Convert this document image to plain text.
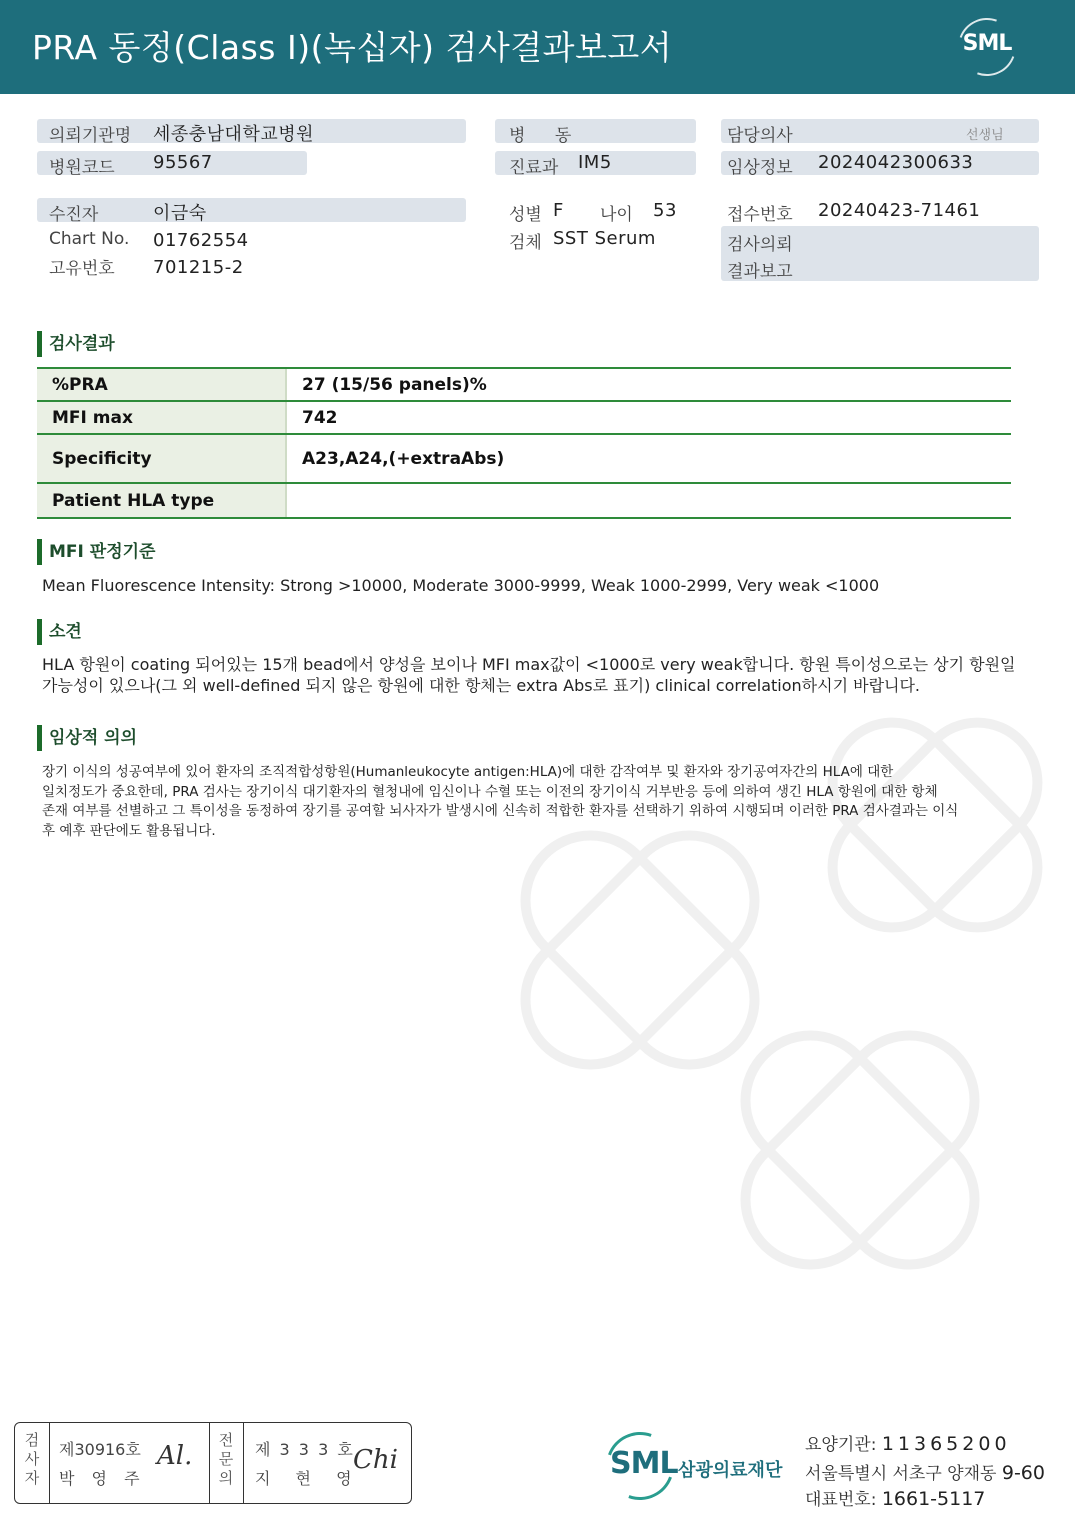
PRA 동정(Class I)(녹십자) 검사결과보고서	SML
의뢰기관명 세종충남대학교병원
병원코드 95567
병 동
진료과 IM5
담당의사	선생님
임상정보 2024042300633
수진자	이금숙
Chart No. 01762554
고유번호 701215-2
성별 F 나이 53
검체 SST Serum
접수번호 20240423-71461
검사의뢰
결과보고
검사결과
%PRA	27 (15/56 panels)%
MFI max	742
Specificity	A23,A24,(+extraAbs)
Patient HLA type
MFI 판정기준
Mean Fluorescence Intensity: Strong >10000, Moderate 3000-9999, Weak 1000-2999, Very weak <1000
소견
HLA 항원이 coating 되어있는 15개 bead에서 양성을 보이나 MFI max값이 <1000로 very weak합니다. 항원 특이성으로는 상기 항원일
가능성이 있으나(그 외 well-defined 되지 않은 항원에 대한 항체는 extra Abs로 표기) clinical correlation하시기 바랍니다.
임상적 의의
장기 이식의 성공여부에 있어 환자의 조직적합성항원(Humanleukocyte antigen:HLA)에 대한 감작여부 및 환자와 장기공여자간의 HLA에 대한
일치정도가 중요한데, PRA 검사는 장기이식 대기환자의 혈청내에 임신이나 수혈 또는 이전의 장기이식 거부반응 등에 의하여 생긴 HLA 항원에 대한 항체
존재 여부를 선별하고 그 특이성을 동정하여 장기를 공여할 뇌사자가 발생시에 신속히 적합한 환자를 선택하기 위하여 시행되며 이러한 PRA 검사결과는 이식
후 예후 판단에도 활용됩니다.
검
사
자
제30916호
박 영 주
Al.
전
문
의
제 3 3 3 호
지 현 영
Chi	SML 삼광의료재단
요양기관: 11365200
서울특별시 서초구 양재동 9-60
대표번호: 1661-5117
